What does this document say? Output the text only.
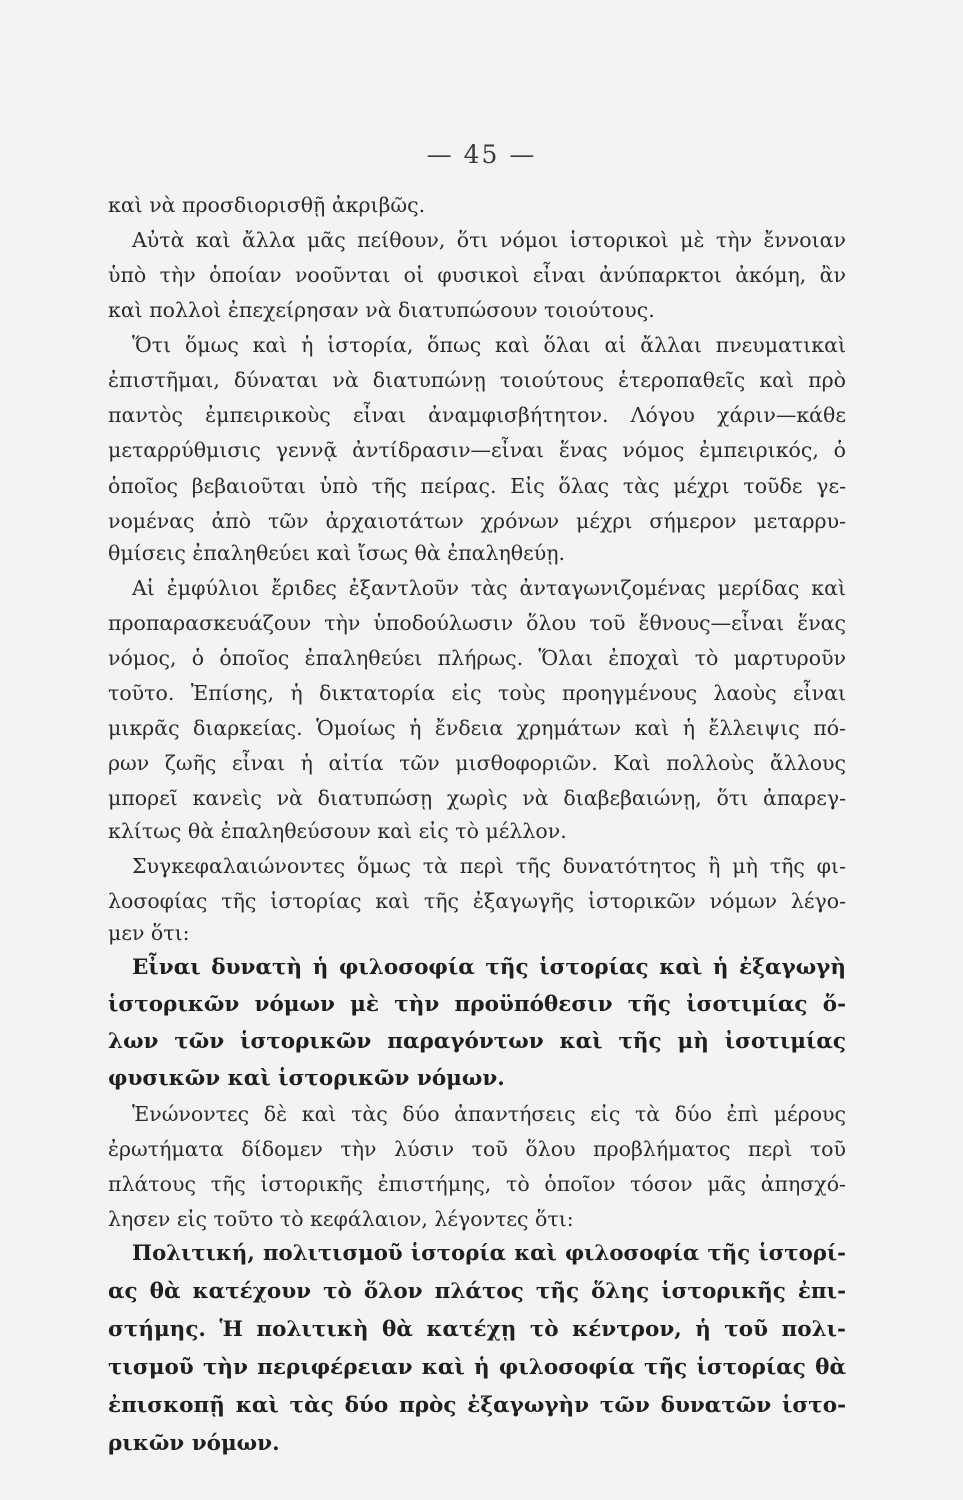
— 45 —
καὶ νὰ προσδιορισθῇ ἀκριβῶς.
Αὐτὰ καὶ ἄλλα μᾶς πείθουν, ὅτι νόμοι ἱστορικοὶ μὲ τὴν ἔννοιαν
ὑπὸ τὴν ὁποίαν νοοῦνται οἱ φυσικοὶ εἶναι ἀνύπαρκτοι ἀκόμη, ἂν
καὶ πολλοὶ ἐπεχείρησαν νὰ διατυπώσουν τοιούτους.
Ὅτι ὅμως καὶ ἡ ἱστορία, ὅπως καὶ ὅλαι αἱ ἄλλαι πνευματικαὶ
ἐπιστῆμαι, δύναται νὰ διατυπώνῃ τοιούτους ἑτεροπαθεῖς καὶ πρὸ
παντὸς ἐμπειρικοὺς εἶναι ἀναμφισβήτητον. Λόγου χάριν—κάθε
μεταρρύθμισις γεννᾷ ἀντίδρασιν—εἶναι ἕνας νόμος ἐμπειρικός, ὁ
ὁποῖος βεβαιοῦται ὑπὸ τῆς πείρας. Εἰς ὅλας τὰς μέχρι τοῦδε γε-
νομένας ἀπὸ τῶν ἀρχαιοτάτων χρόνων μέχρι σήμερον μεταρρυ-
θμίσεις ἐπαληθεύει καὶ ἴσως θὰ ἐπαληθεύῃ.
Αἱ ἐμφύλιοι ἔριδες ἐξαντλοῦν τὰς ἀνταγωνιζομένας μερίδας καὶ
προπαρασκευάζουν τὴν ὑποδούλωσιν ὅλου τοῦ ἔθνους—εἶναι ἕνας
νόμος, ὁ ὁποῖος ἐπαληθεύει πλήρως. Ὅλαι ἐποχαὶ τὸ μαρτυροῦν
τοῦτο. Ἐπίσης, ἡ δικτατορία εἰς τοὺς προηγμένους λαοὺς εἶναι
μικρᾶς διαρκείας. Ὁμοίως ἡ ἔνδεια χρημάτων καὶ ἡ ἔλλειψις πό-
ρων ζωῆς εἶναι ἡ αἰτία τῶν μισθοφοριῶν. Καὶ πολλοὺς ἄλλους
μπορεῖ κανεὶς νὰ διατυπώσῃ χωρὶς νὰ διαβεβαιώνῃ, ὅτι ἀπαρεγ-
κλίτως θὰ ἐπαληθεύσουν καὶ εἰς τὸ μέλλον.
Συγκεφαλαιώνοντες ὅμως τὰ περὶ τῆς δυνατότητος ἢ μὴ τῆς φι-
λοσοφίας τῆς ἱστορίας καὶ τῆς ἐξαγωγῆς ἱστορικῶν νόμων λέγο-
μεν ὅτι:
Εἶναι δυνατὴ ἡ φιλοσοφία τῆς ἱστορίας καὶ ἡ ἐξαγωγὴ
ἱστορικῶν νόμων μὲ τὴν προϋπόθεσιν τῆς ἰσοτιμίας ὅ-
λων τῶν ἱστορικῶν παραγόντων καὶ τῆς μὴ ἰσοτιμίας
φυσικῶν καὶ ἱστορικῶν νόμων.
Ἑνώνοντες δὲ καὶ τὰς δύο ἀπαντήσεις εἰς τὰ δύο ἐπὶ μέρους
ἐρωτήματα δίδομεν τὴν λύσιν τοῦ ὅλου προβλήματος περὶ τοῦ
πλάτους τῆς ἱστορικῆς ἐπιστήμης, τὸ ὁποῖον τόσον μᾶς ἀπησχό-
λησεν εἰς τοῦτο τὸ κεφάλαιον, λέγοντες ὅτι:
Πολιτική, πολιτισμοῦ ἱστορία καὶ φιλοσοφία τῆς ἱστορί-
ας θὰ κατέχουν τὸ ὅλον πλάτος τῆς ὅλης ἱστορικῆς ἐπι-
στήμης. Ἡ πολιτικὴ θὰ κατέχῃ τὸ κέντρον, ἡ τοῦ πολι-
τισμοῦ τὴν περιφέρειαν καὶ ἡ φιλοσοφία τῆς ἱστορίας θὰ
ἐπισκοπῇ καὶ τὰς δύο πρὸς ἐξαγωγὴν τῶν δυνατῶν ἱστο-
ρικῶν νόμων.
